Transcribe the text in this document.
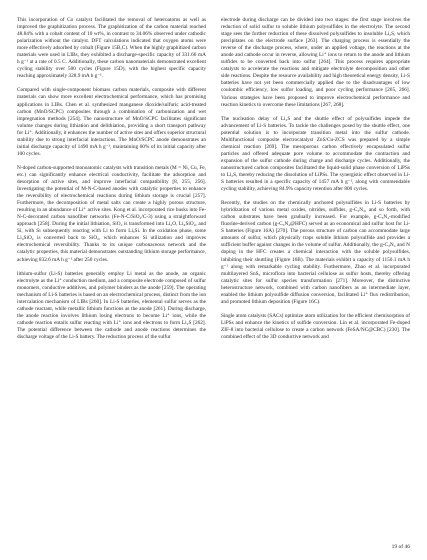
This incorporation of Co catalyst facilitated the removal of heteroatoms as well as improved the graphitization process. The graphitization of the carbon material reached 48.84% with a cobalt content of 10 wt%, in contrast to 34.06% observed under cathodic polarization without the catalyst. DFT calculations indicated that oxygen atoms were more effectively adsorbed by cobalt (Figure 15B,C). When the highly graphitized carbon materials were used in LIBs, they exhibited a discharge-specific capacity of 331.66 mA h g⁻¹ at a rate of 0.5 C. Additionally, these carbon nanomaterials demonstrated excellent cycling stability over 500 cycles (Figure 15D), with the highest specific capacity reaching approximately 328.9 mA h g⁻¹.

Compared with single-component biomass carbon materials, composite with different materials can show more excellent electrochemical performance, which has promising applications in LIBs. Chen et al. synthesized manganese dioxide/sulfuric acid-treated carbon (MnO/SCPC) composites through a combination of carbonization and wet impregnation methods [254]. The nanostructure of MnO/SCPC facilitates significant volume changes during lithiation and delithiation, providing a short transport pathway for Li⁺. Additionally, it enhances the number of active sites and offers superior structural stability due to strong interfacial interactions. The MnO/SCPC anode demonstrates an initial discharge capacity of 1490 mA h g⁻¹, maintaining 60% of its initial capacity after 100 cycles.

N-doped carbon-supported monoatomic catalysts with transition metals (M = Ni, Cu, Fe, etc.) can significantly enhance electrical conductivity, facilitate the adsorption and desorption of active sites, and improve interfacial compatibility [8, 255, 256]. Investigating the potential of M-N-C-based anodes with catalytic properties to enhance the reversibility of electrochemical reactions during lithium storage is crucial [257]. Furthermore, the decomposition of metal salts can create a highly porous structure, resulting in an abundance of Li⁺ active sites. Kong et al. incorporated rice husks into Fe-N-C-decorated carbon nanofiber networks (Fe-N-C/SiO₂/C-3) using a straightforward approach [258]. During the initial lithiation, SiO₂ is transformed into Li₂O, Li₄SiO₄, and Si, with Si subsequently reacting with Li to form LiₓSi. In the oxidation phase, some Li₄SiO₄ is converted back to SiO₂, which enhances Si utilization and improves electrochemical reversibility. Thanks to its unique carbonaceous network and the catalytic properties, this material demonstrates outstanding lithium storage performance, achieving 832.6 mA h g⁻¹ after 250 cycles.

lithium-sulfur (Li-S) batteries generally employ Li metal as the anode, an organic electrolyte as the Li⁺ conduction medium, and a composite electrode composed of sulfur monomers, conductive additives, and polymer binders as the anode [259]. The operating mechanism of Li-S batteries is based on an electrochemical process, distinct from the ion intercalation mechanism of LIBs [260]. In Li-S batteries, elemental sulfur serves as the cathode reactant, while metallic lithium functions as the anode [261]. During discharge, the anode reaction involves lithium losing electrons to become Li⁺ ions, while the cathode reaction entails sulfur reacting with Li⁺ ions and electrons to form Li₂S [262]. The potential difference between the cathode and anode reactions determines the discharge voltage of the Li-S battery. The reduction process of the sulfur

electrode during discharge can be divided into two stages: the first stage involves the reduction of solid sulfur to soluble lithium polysulfides in the electrolyte. The second stage sees the further reduction of these dissolved polysulfides to insoluble Li₂S, which precipitates on the electrode surface [263]. The charging process is essentially the reverse of the discharge process, where, under an applied voltage, the reactions at the anode and cathode occur in reverse, allowing Li⁺ ions to return to the anode and lithium sulfides to be converted back into sulfur [264]. This process requires appropriate catalysts to accelerate the reactions and mitigate electrolyte decomposition and other side reactions. Despite the resource availability and high theoretical energy density, Li-S batteries have not yet been commercially applied due to the disadvantages of low coulombic efficiency, low sulfur loading, and poor cycling performance [265, 266]. Various strategies have been proposed to improve electrochemical performance and reaction kinetics to overcome these limitations [267, 268].

The nucleation delay of Li₂S and the shuttle effect of polysulfides impede the advancement of Li-S batteries. To tackle the challenges posed by the shuttle effect, one potential solution is to incorporate transition metal into the sulfur cathode. Multifunctional composite electrocatalyst ZnS/Cu-ZCS was prepared by a simple chemical reaction [269]. The mesoporous carbon effectively encapsulated sulfur particles and offered adequate pore volume to accommodate the contraction and expansion of the sulfur cathode during charge and discharge cycles. Additionally, the nanostructured carbon composites facilitated the liquid-solid phase conversion of LiPSs to Li₂S, thereby reducing the dissolution of LiPSs. The synergistic effect observed in Li-S batteries resulted in a specific capacity of 1457 mA h g⁻¹, along with commendable cycling stability, achieving 84.9% capacity retention after 800 cycles.

Recently, the studies on the chemically anchored polysulfides in Li-S batteries by hybridization of various metal oxides, nitrides, sulfides, g-C₃N₄, and so forth, with carbon substrates have been gradually increased. For example, g-C₃N₄-modified fluorine-derived carbon (g-C₃N₄@HFC) served as an economical and sulfur host for Li-S batteries (Figure 16A) [270]. The porous structure of carbon can accommodate large amounts of sulfur, which physically traps soluble lithium polysulfide and provides a sufficient buffer against changes in the volume of sulfur. Additionally, the g-C₃N₄ and N doping in the HFC creates a chemical interaction with the soluble polysulfides, inhibiting their shuttling (Figure 16B). The materials exhibit a capacity of 1150.1 mA h g⁻¹ along with remarkable cycling stability. Furthermore, Zhao et al. incorporated multilayered SnS₂ microflora into bacterial cellulose as sulfur hosts, thereby offering catalytic sites for sulfur species transformation [271]. Moreover, the distinctive heterostructure network, combined with carbon nanofibers as an intermediate layer, enabled the lithium polysulfide diffusion conversion, facilitated Li⁺ flux redistribution, and promoted lithium deposition (Figure 16C).

Single atom catalysts (SACs) optimize atom utilization for the efficient chemisorption of LiPSs and enhance the kinetics of sulfide conversion. Lin et al. incorporated Fe-doped ZIF-8 into bacterial cellulose to create a carbon network (FeSA/NC@CBC) [230]. The combined effect of the 3D conductive network and

19 of 46
